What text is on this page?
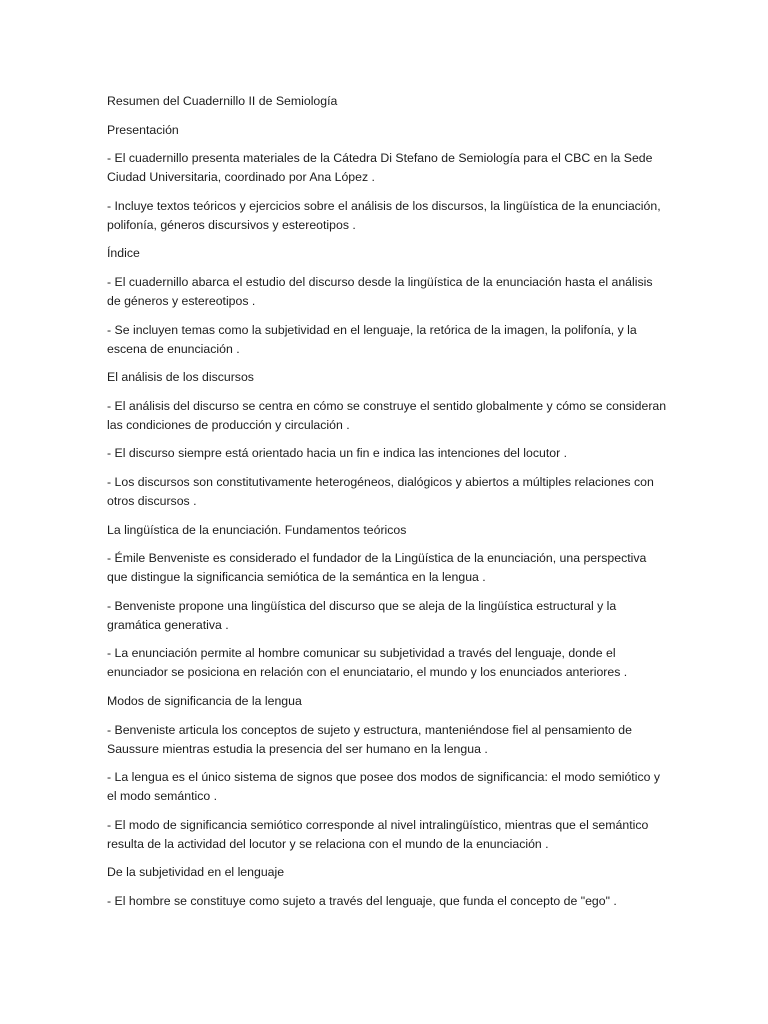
Resumen del Cuadernillo II de Semiología

Presentación

- El cuadernillo presenta materiales de la Cátedra Di Stefano de Semiología para el CBC en la Sede Ciudad Universitaria, coordinado por Ana López .

- Incluye textos teóricos y ejercicios sobre el análisis de los discursos, la lingüística de la enunciación, polifonía, géneros discursivos y estereotipos .

Índice

- El cuadernillo abarca el estudio del discurso desde la lingüística de la enunciación hasta el análisis de géneros y estereotipos .

- Se incluyen temas como la subjetividad en el lenguaje, la retórica de la imagen, la polifonía, y la escena de enunciación .

El análisis de los discursos

- El análisis del discurso se centra en cómo se construye el sentido globalmente y cómo se consideran las condiciones de producción y circulación .

- El discurso siempre está orientado hacia un fin e indica las intenciones del locutor .

- Los discursos son constitutivamente heterogéneos, dialógicos y abiertos a múltiples relaciones con otros discursos .

La lingüística de la enunciación. Fundamentos teóricos

- Émile Benveniste es considerado el fundador de la Lingüística de la enunciación, una perspectiva que distingue la significancia semiótica de la semántica en la lengua .

- Benveniste propone una lingüística del discurso que se aleja de la lingüística estructural y la gramática generativa .

- La enunciación permite al hombre comunicar su subjetividad a través del lenguaje, donde el enunciador se posiciona en relación con el enunciatario, el mundo y los enunciados anteriores .

Modos de significancia de la lengua

- Benveniste articula los conceptos de sujeto y estructura, manteniéndose fiel al pensamiento de Saussure mientras estudia la presencia del ser humano en la lengua .

- La lengua es el único sistema de signos que posee dos modos de significancia: el modo semiótico y el modo semántico .

- El modo de significancia semiótico corresponde al nivel intralingüístico, mientras que el semántico resulta de la actividad del locutor y se relaciona con el mundo de la enunciación .

De la subjetividad en el lenguaje

- El hombre se constituye como sujeto a través del lenguaje, que funda el concepto de "ego" .
